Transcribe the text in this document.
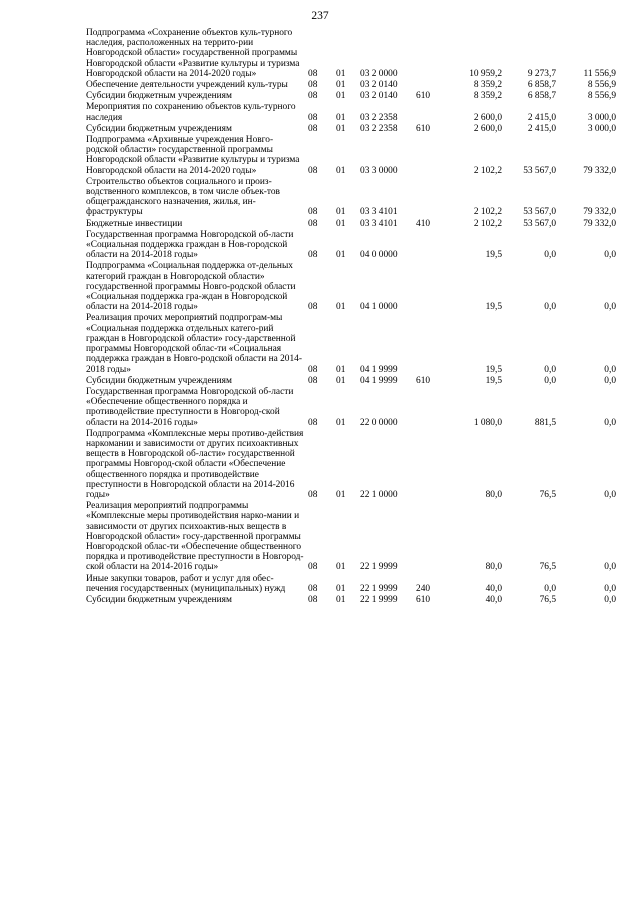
237
Подпрограмма «Сохранение объектов куль-турного наследия, расположенных на террито-рии Новгородской области» государственной программы Новгородской области «Развитие культуры и туризма Новгородской области на 2014-2020 годы»	08	01	03 2 0000		10 959,2	9 273,7	11 556,9
Обеспечение деятельности учреждений куль-туры	08	01	03 2 0140		8 359,2	6 858,7	8 556,9
Субсидии бюджетным учреждениям	08	01	03 2 0140	610	8 359,2	6 858,7	8 556,9
Мероприятия по сохранению объектов куль-турного наследия	08	01	03 2 2358		2 600,0	2 415,0	3 000,0
Субсидии бюджетным учреждениям	08	01	03 2 2358	610	2 600,0	2 415,0	3 000,0
Подпрограмма «Архивные учреждения Новго-родской области» государственной программы Новгородской области «Развитие культуры и туризма Новгородской области на 2014-2020 годы»	08	01	03 3 0000		2 102,2	53 567,0	79 332,0
Строительство объектов социального и произ-водственного комплексов, в том числе объек-тов общегражданского назначения, жилья, ин-фраструктуры	08	01	03 3 4101		2 102,2	53 567,0	79 332,0
Бюджетные инвестиции	08	01	03 3 4101	410	2 102,2	53 567,0	79 332,0
Государственная программа Новгородской об-ласти «Социальная поддержка граждан в Нов-городской области на 2014-2018 годы»	08	01	04 0 0000		19,5	0,0	0,0
Подпрограмма «Социальная поддержка от-дельных категорий граждан в Новгородской области» государственной программы Новго-родской области «Социальная поддержка гра-ждан в Новгородской области на 2014-2018 годы»	08	01	04 1 0000		19,5	0,0	0,0
Реализация прочих мероприятий подпрограм-мы «Социальная поддержка отдельных катего-рий граждан в Новгородской области» госу-дарственной программы Новгородской облас-ти «Социальная поддержка граждан в Новго-родской области на 2014-2018 годы»	08	01	04 1 9999		19,5	0,0	0,0
Субсидии бюджетным учреждениям	08	01	04 1 9999	610	19,5	0,0	0,0
Государственная программа Новгородской об-ласти «Обеспечение общественного порядка и противодействие преступности в Новгород-ской области на 2014-2016 годы»	08	01	22 0 0000		1 080,0	881,5	0,0
Подпрограмма «Комплексные меры противо-действия наркомании и зависимости от других психоактивных веществ в Новгородской об-ласти» государственной программы Новгород-ской области «Обеспечение общественного порядка и противодействие преступности в Новгородской области на 2014-2016 годы»	08	01	22 1 0000		80,0	76,5	0,0
Реализация мероприятий подпрограммы «Комплексные меры противодействия нарко-мании и зависимости от других психоактив-ных веществ в Новгородской области» госу-дарственной программы Новгородской облас-ти «Обеспечение общественного порядка и противодействие преступности в Новгород-ской области на 2014-2016 годы»	08	01	22 1 9999		80,0	76,5	0,0
Иные закупки товаров, работ и услуг для обес-печения государственных (муниципальных) нужд	08	01	22 1 9999	240	40,0	0,0	0,0
Субсидии бюджетным учреждениям	08	01	22 1 9999	610	40,0	76,5	0,0
